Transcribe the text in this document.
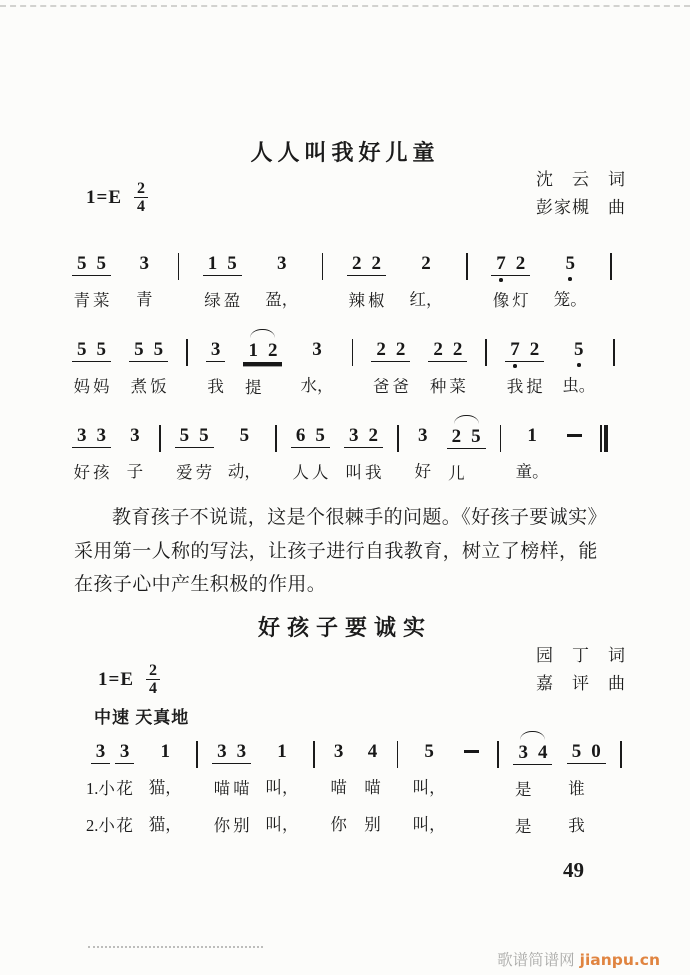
人人叫我好儿童
沈　云　词
彭家槻　曲
$1=E \frac{2}{4}$
5
青
5
菜
3
青
1
绿
5
盈
3
盈，
2
辣
2
椒
2
红，
7
像
2
灯
5
笼。
5
妈
5
妈
5
煮
5
饭
3
我
1
提
2
3
水，
2
爸
2
爸
2
种
2
菜
7
我
2
捉
5
虫。
3
好
3
孩
3
子
5
爱
5
劳
5
动，
6
人
5
人
3
叫
2
我
3
好
2
儿
5
1
童。

教育孩子不说谎，这是个很棘手的问题。《好孩子要诚实》
采用第一人称的写法，让孩子进行自我教育，树立了榜样，能
在孩子心中产生积极的作用。
好孩子要诚实
园　丁　词
嘉　评　曲
$1=E \frac{2}{4}$
中速 天真地
3
1.小
2.小
3
花
花
1
猫，
猫，
3
喵
你
3
喵
别
1
叫，
叫，
3
喵
你
4
喵
别
5
叫，
叫，

3
是
是
4

5
谁
我
0

49
歌谱简谱网 jianpu.cn
